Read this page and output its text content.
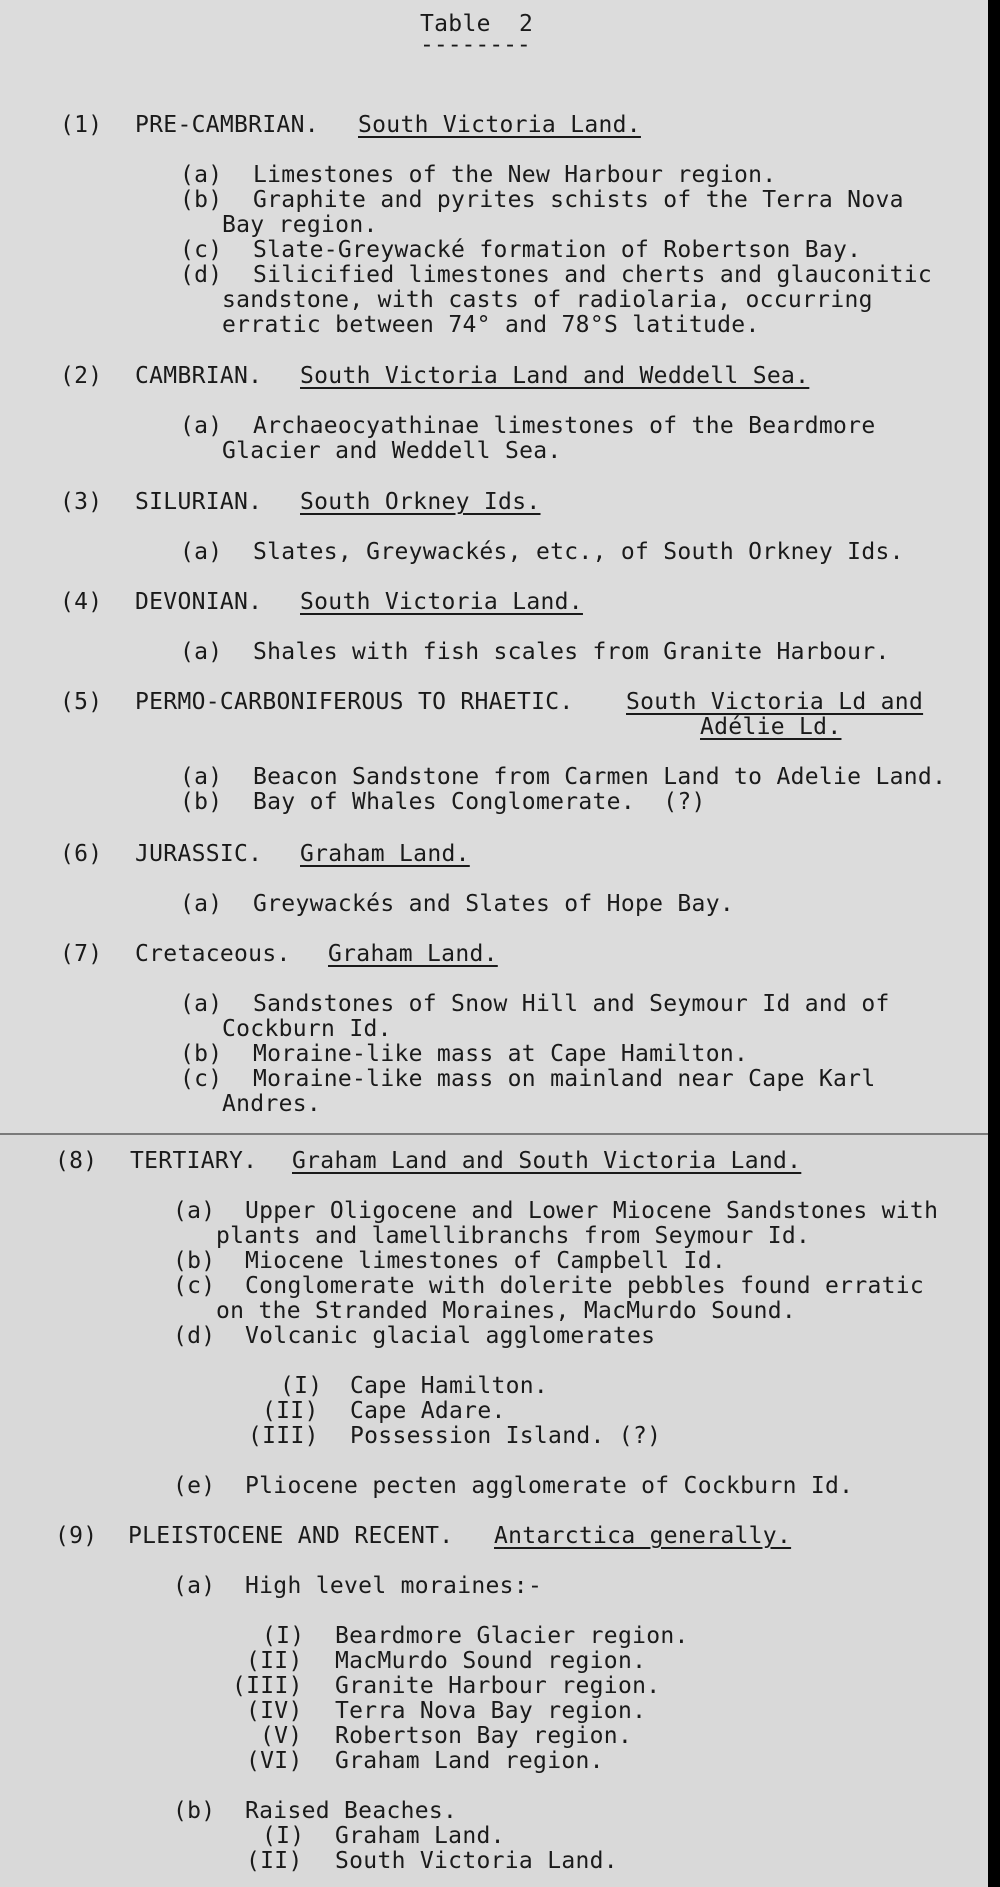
Table  2
--------
(1) PRE-CAMBRIAN. South Victoria Land.
(a) Limestones of the New Harbour region.
(b) Graphite and pyrites schists of the Terra Nova
Bay region.
(c) Slate-Greywacké formation of Robertson Bay.
(d) Silicified limestones and cherts and glauconitic
sandstone, with casts of radiolaria, occurring
erratic between 74° and 78°S latitude.
(2) CAMBRIAN. South Victoria Land and Weddell Sea.
(a) Archaeocyathinae limestones of the Beardmore
Glacier and Weddell Sea.
(3) SILURIAN. South Orkney Ids.
(a) Slates, Greywackés, etc., of South Orkney Ids.
(4) DEVONIAN. South Victoria Land.
(a) Shales with fish scales from Granite Harbour.
(5) PERMO-CARBONIFEROUS TO RHAETIC. South Victoria Ld and
Adélie Ld.
(a) Beacon Sandstone from Carmen Land to Adelie Land.
(b) Bay of Whales Conglomerate.  (?)
(6) JURASSIC. Graham Land.
(a) Greywackés and Slates of Hope Bay.
(7) Cretaceous. Graham Land.
(a) Sandstones of Snow Hill and Seymour Id and of
Cockburn Id.
(b) Moraine-like mass at Cape Hamilton.
(c) Moraine-like mass on mainland near Cape Karl
Andres.
(8) TERTIARY. Graham Land and South Victoria Land.
(a) Upper Oligocene and Lower Miocene Sandstones with
plants and lamellibranchs from Seymour Id.
(b) Miocene limestones of Campbell Id.
(c) Conglomerate with dolerite pebbles found erratic
on the Stranded Moraines, MacMurdo Sound.
(d) Volcanic glacial agglomerates
(I) Cape Hamilton.
(II) Cape Adare.
(III) Possession Island. (?)
(e) Pliocene pecten agglomerate of Cockburn Id.
(9) PLEISTOCENE AND RECENT. Antarctica generally.
(a) High level moraines:-
(I) Beardmore Glacier region.
(II) MacMurdo Sound region.
(III) Granite Harbour region.
(IV) Terra Nova Bay region.
(V) Robertson Bay region.
(VI) Graham Land region.
(b) Raised Beaches.
(I) Graham Land.
(II) South Victoria Land.
